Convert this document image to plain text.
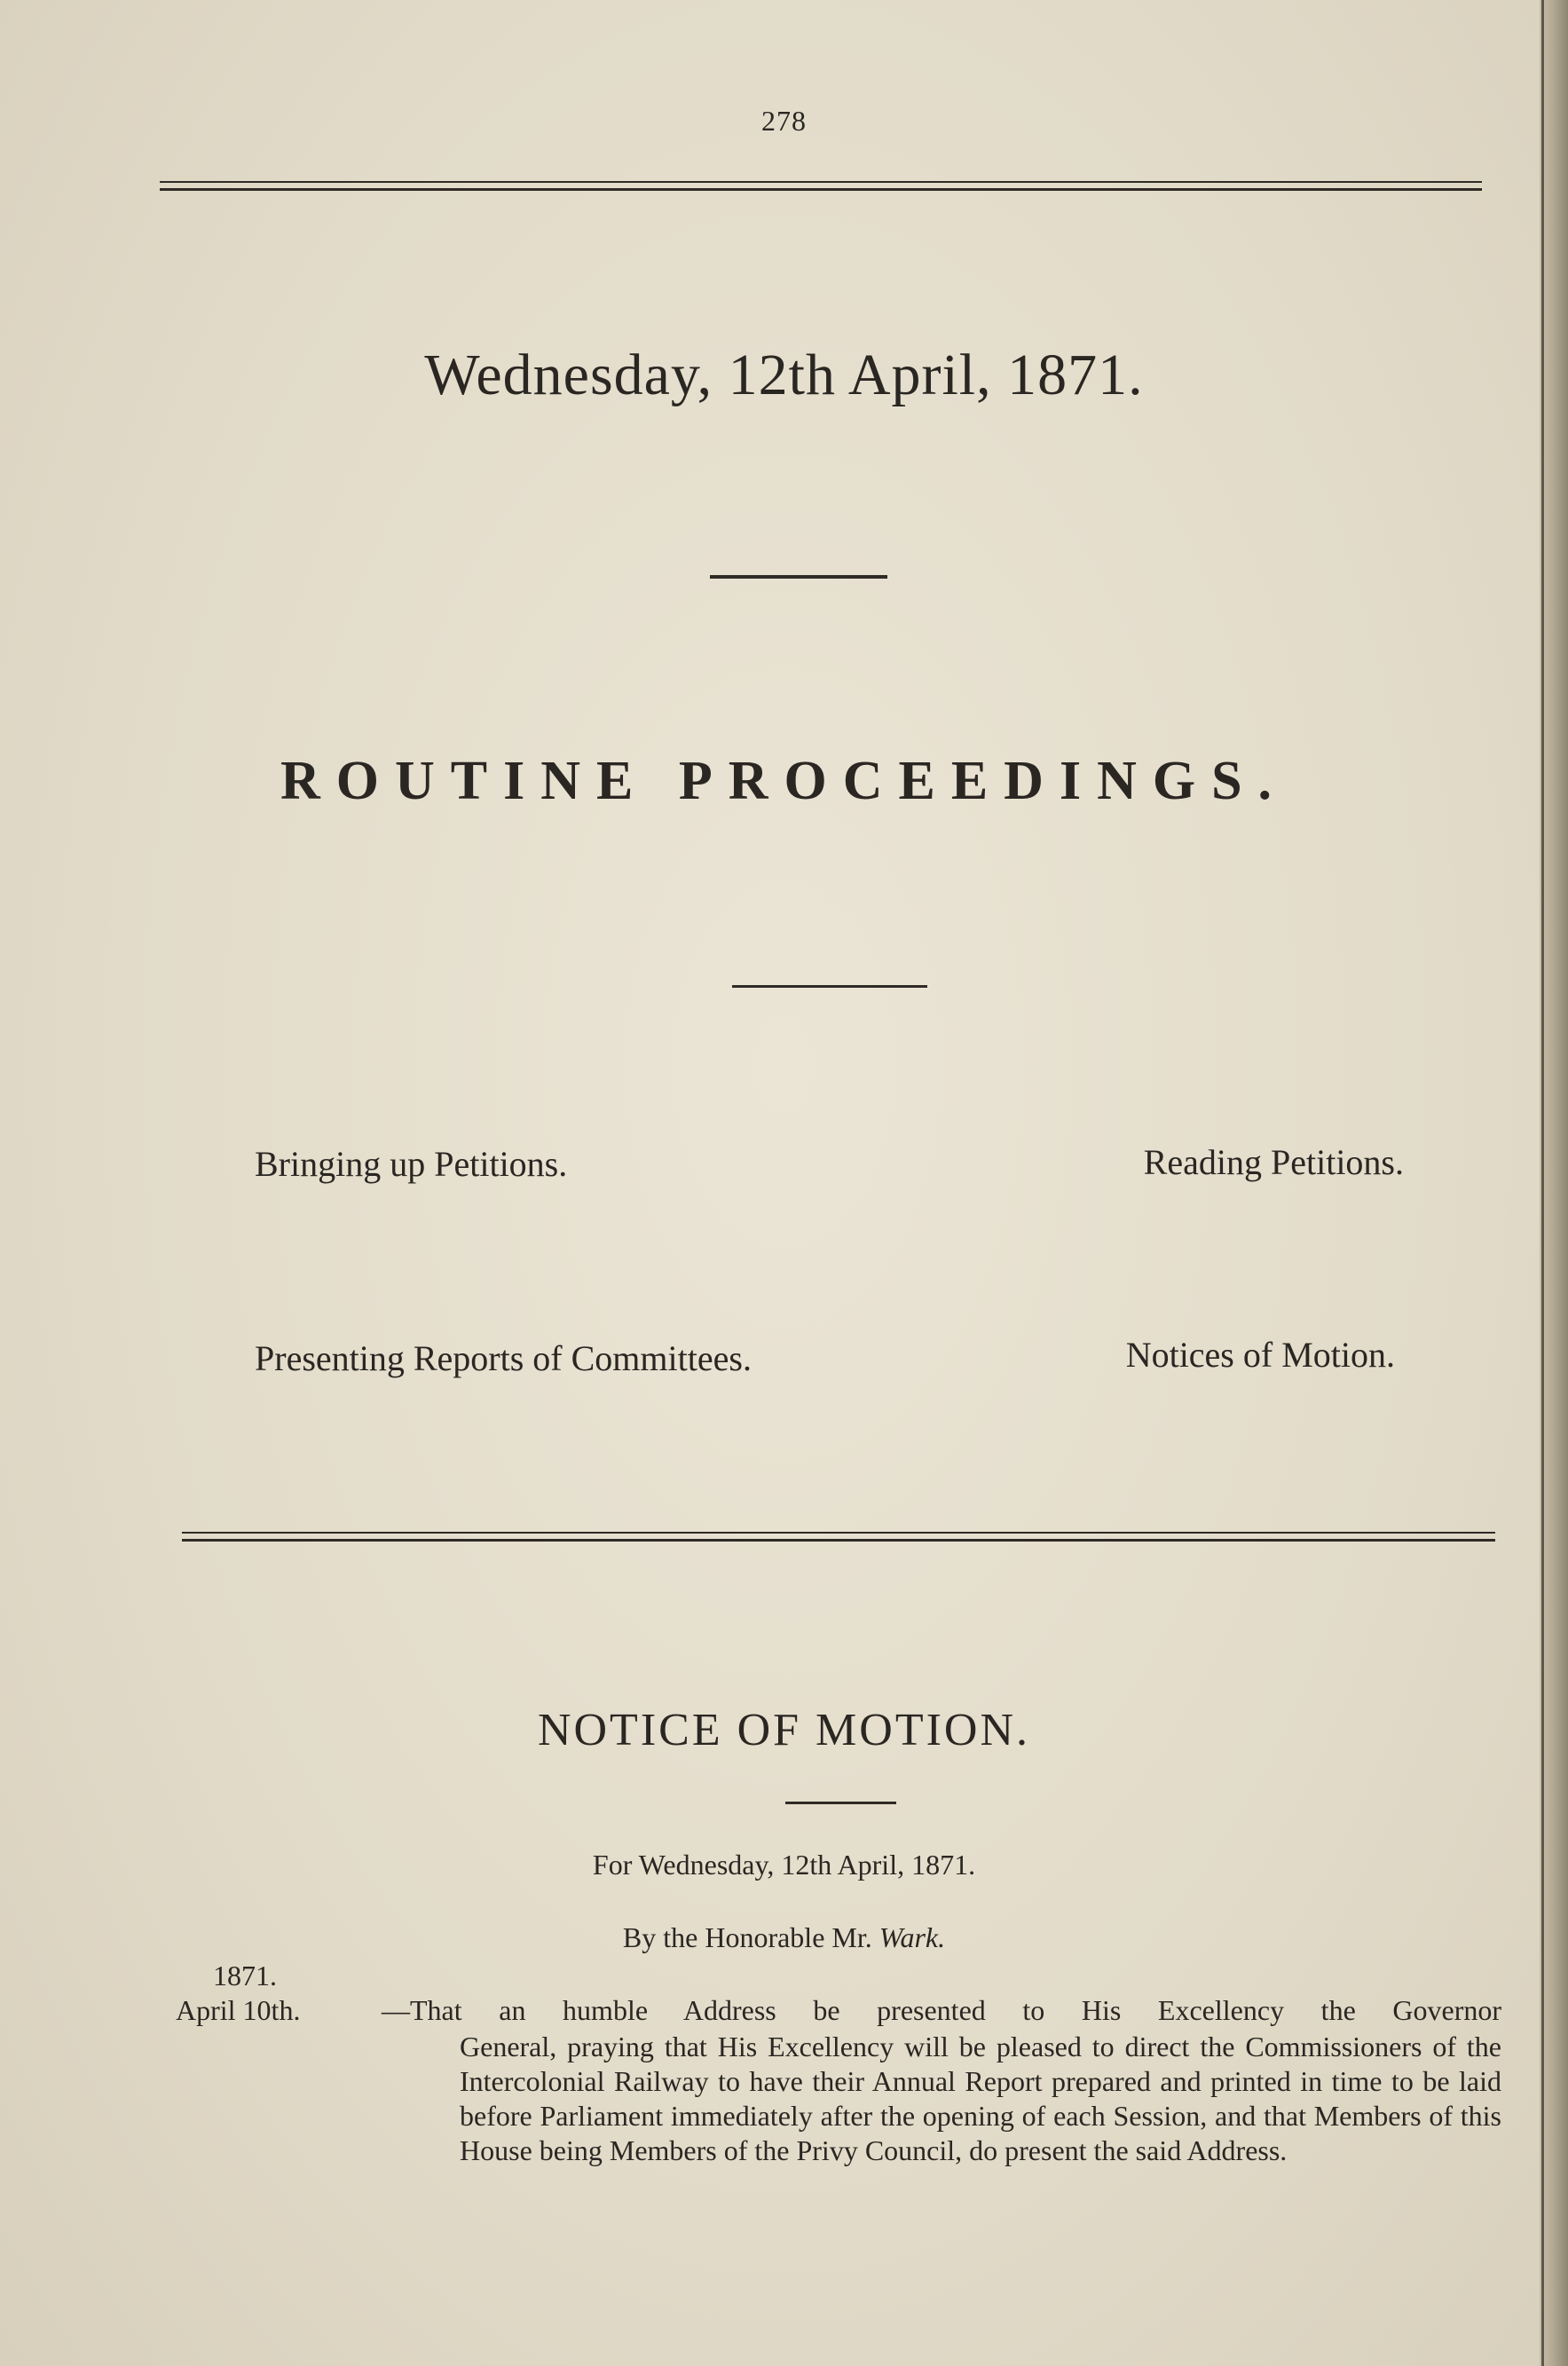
278
Wednesday, 12th April, 1871.
ROUTINE PROCEEDINGS.
Bringing up Petitions.	Reading Petitions.
Presenting Reports of Committees.	Notices of Motion.
NOTICE OF MOTION.
For Wednesday, 12th April, 1871.
By the Honorable Mr. Wark.
1871.
April 10th.	—That an humble Address be presented to His Excellency the Governor
General, praying that His Excellency will be pleased to direct the Commissioners of the Intercolonial Railway to have their Annual Report prepared and printed in time to be laid before Parliament immediately after the opening of each Session, and that Members of this House being Members of the Privy Council, do present the said Address.
